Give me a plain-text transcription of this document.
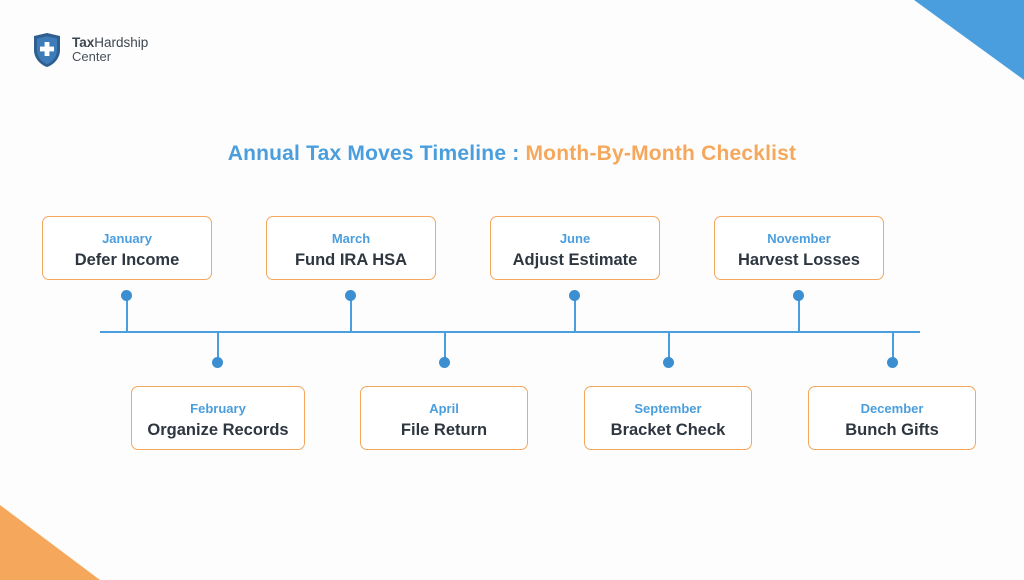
TaxHardship
Center
Annual Tax Moves Timeline : Month-By-Month Checklist
January
Defer Income
March
Fund IRA HSA
June
Adjust Estimate
November
Harvest Losses
February
Organize Records
April
File Return
September
Bracket Check
December
Bunch Gifts
